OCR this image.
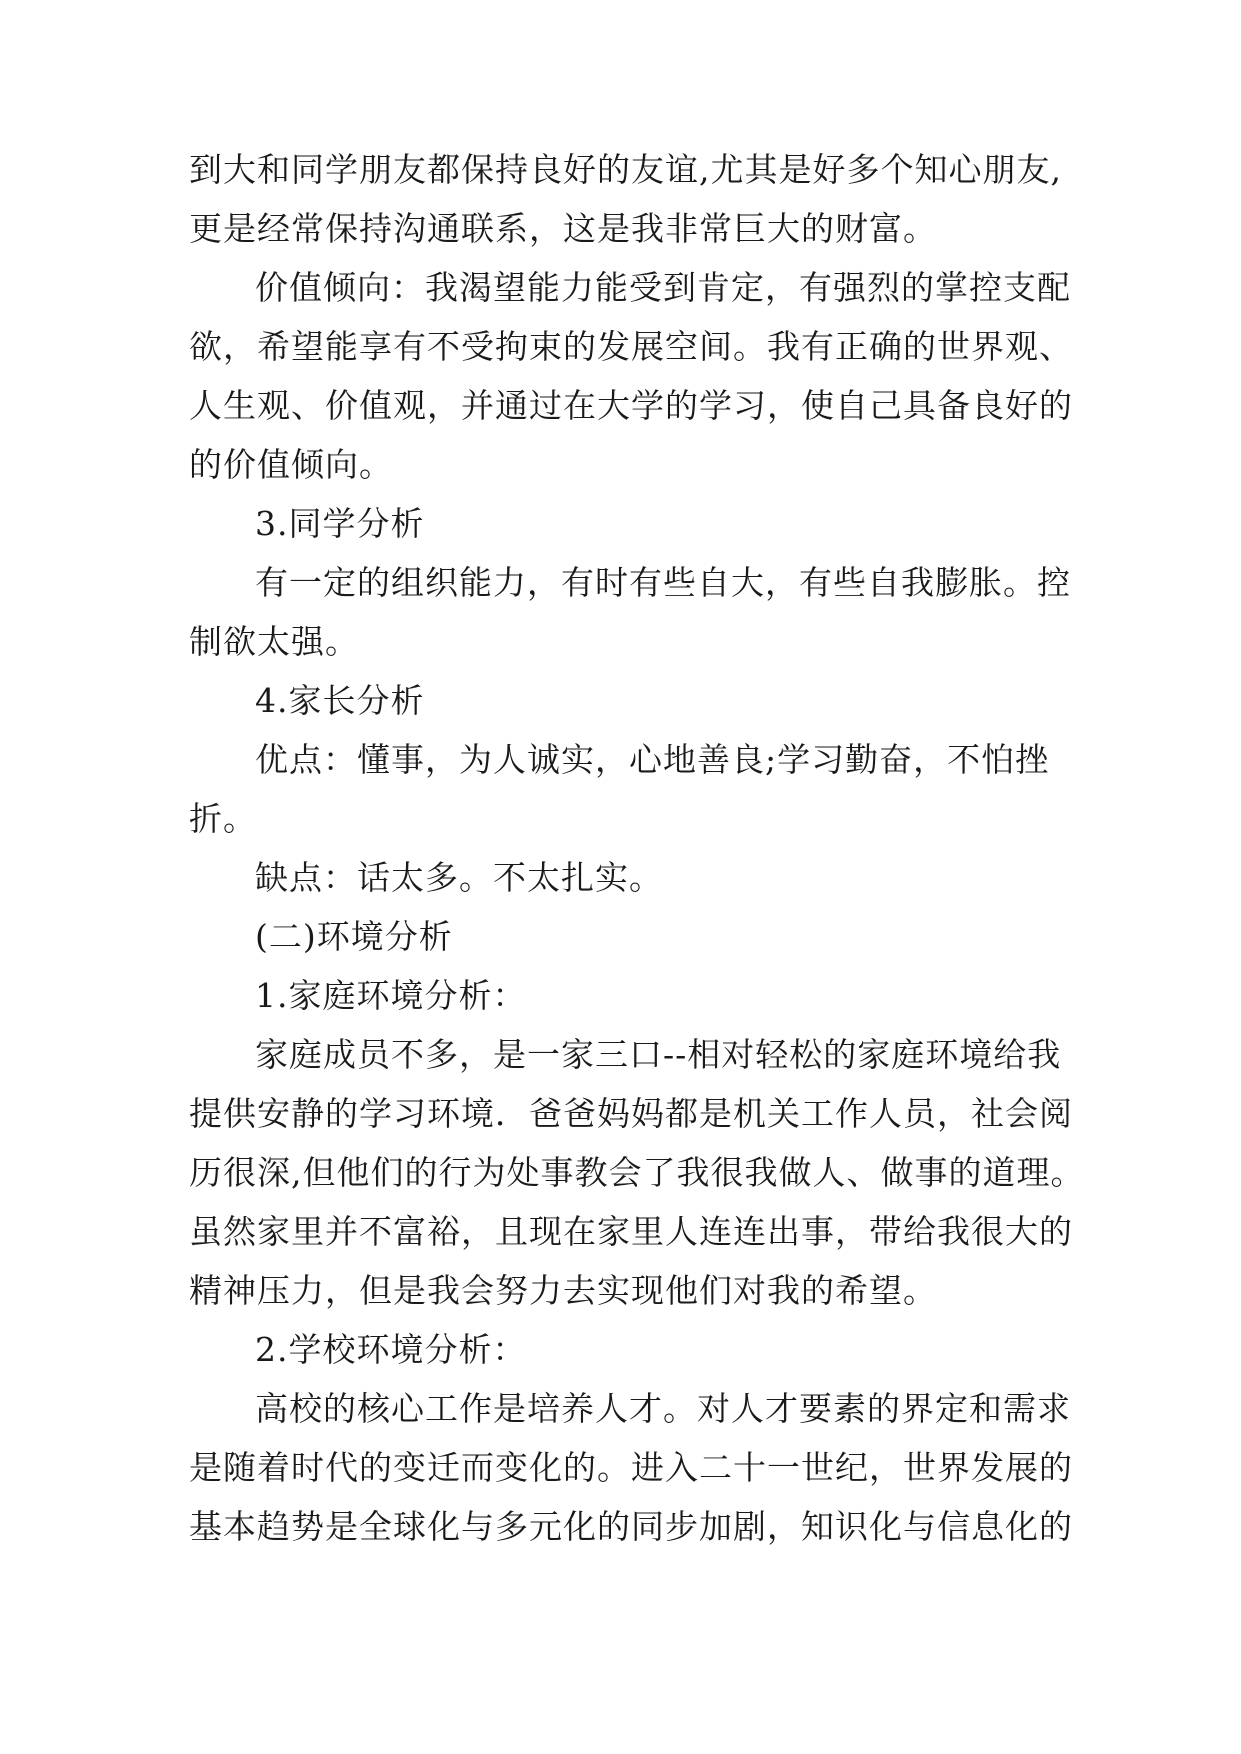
到大和同学朋友都保持良好的友谊,尤其是好多个知心朋友,
更是经常保持沟通联系，这是我非常巨大的财富。
价值倾向：我渴望能力能受到肯定，有强烈的掌控支配
欲，希望能享有不受拘束的发展空间。我有正确的世界观、
人生观、价值观，并通过在大学的学习，使自己具备良好的
的价值倾向。
3.同学分析
有一定的组织能力，有时有些自大，有些自我膨胀。控
制欲太强。
4.家长分析
优点：懂事，为人诚实，心地善良;学习勤奋，不怕挫
折。
缺点：话太多。不太扎实。
(二)环境分析
1.家庭环境分析：
家庭成员不多，是一家三口--相对轻松的家庭环境给我
提供安静的学习环境．爸爸妈妈都是机关工作人员，社会阅
历很深,但他们的行为处事教会了我很我做人、做事的道理。
虽然家里并不富裕，且现在家里人连连出事，带给我很大的
精神压力，但是我会努力去实现他们对我的希望。
2.学校环境分析：
高校的核心工作是培养人才。对人才要素的界定和需求
是随着时代的变迁而变化的。进入二十一世纪，世界发展的
基本趋势是全球化与多元化的同步加剧，知识化与信息化的
